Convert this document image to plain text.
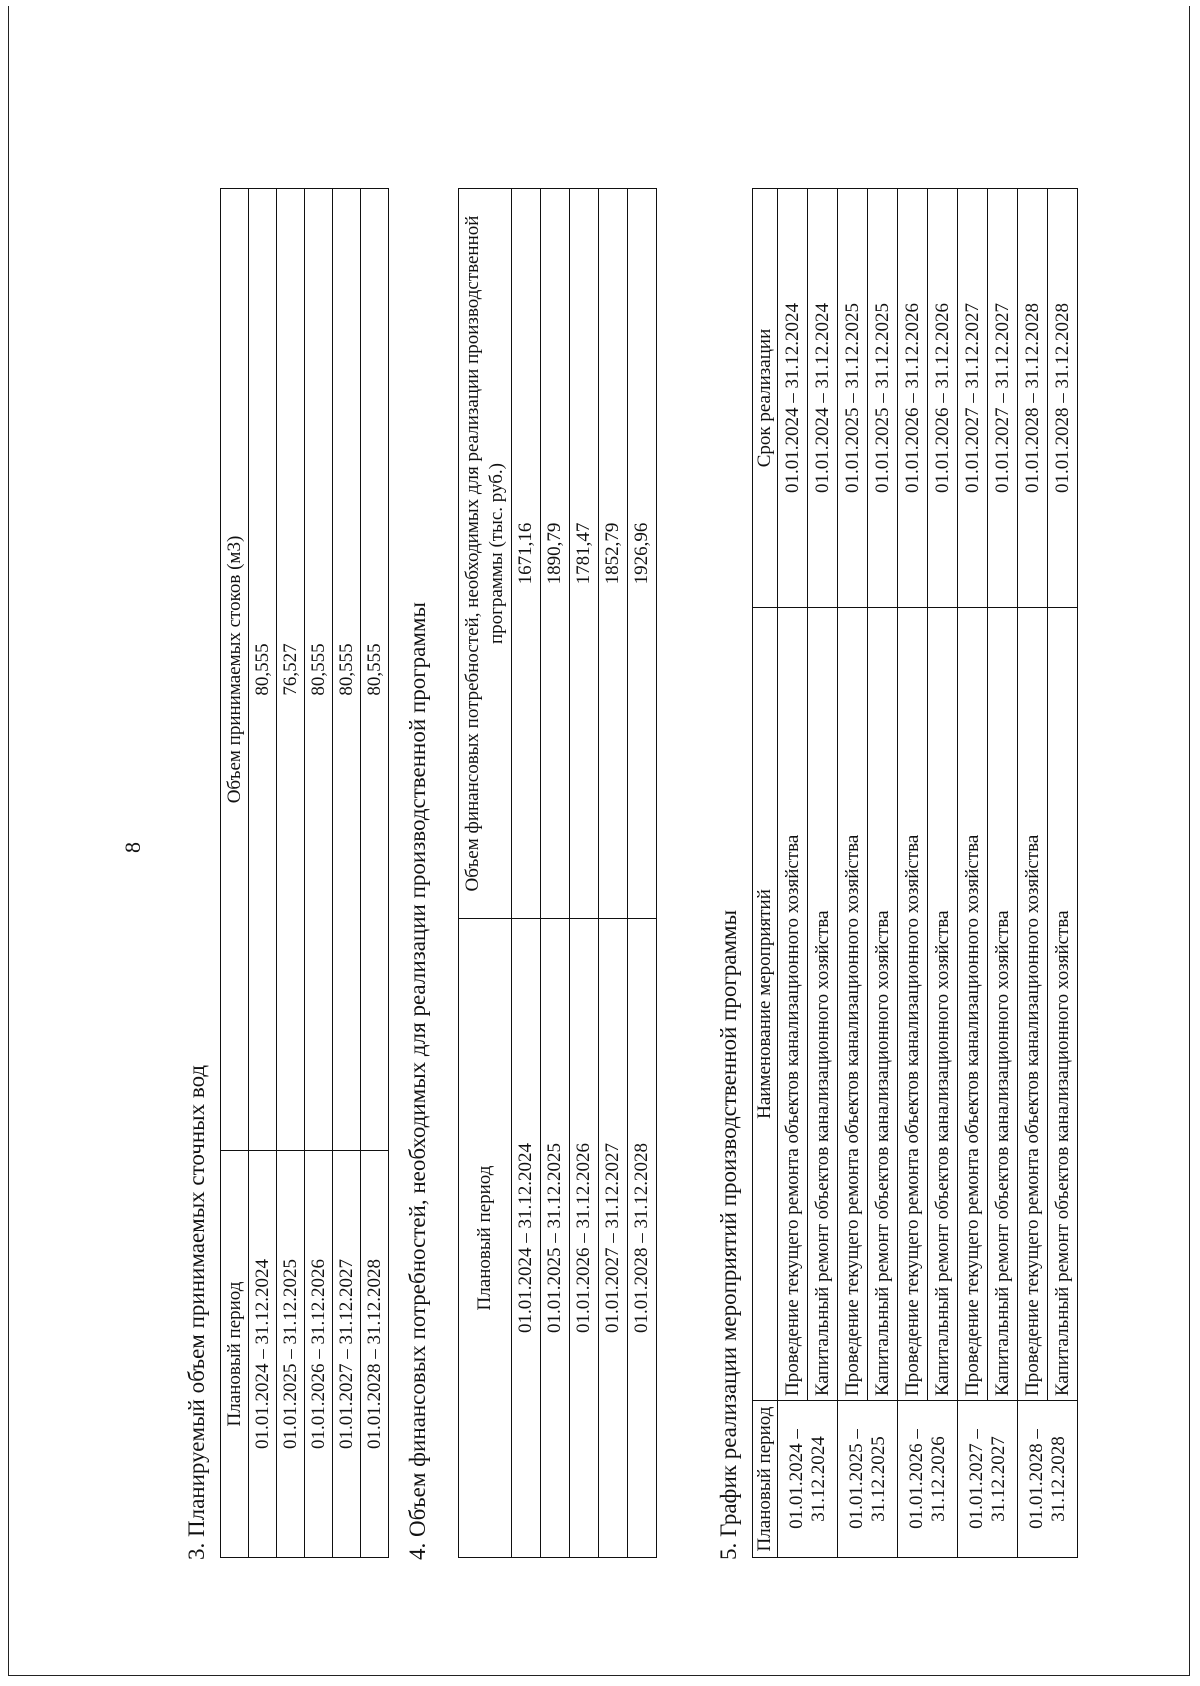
8
3. Планируемый объем принимаемых сточных вод Плановый период	Объем принимаемых стоков (м3)
01.01.2024 – 31.12.2024	80,555
01.01.2025 – 31.12.2025	76,527
01.01.2026 – 31.12.2026	80,555
01.01.2027 – 31.12.2027	80,555
01.01.2028 – 31.12.2028	80,555 4. Объем финансовых потребностей, необходимых для реализации производственной программы Плановый период	Объем финансовых потребностей, необходимых для реализации производственной программы (тыс. руб.)
01.01.2024 – 31.12.2024	1671,16
01.01.2025 – 31.12.2025	1890,79
01.01.2026 – 31.12.2026	1781,47
01.01.2027 – 31.12.2027	1852,79
01.01.2028 – 31.12.2028	1926,96
5. График реализации мероприятий производственной программы Плановый период	Наименование мероприятий	Срок реализации
01.01.2024 – 31.12.2024	Проведение текущего ремонта объектов канализационного хозяйства	01.01.2024 – 31.12.2024
	Капитальный ремонт объектов канализационного хозяйства	01.01.2024 – 31.12.2024
01.01.2025 – 31.12.2025	Проведение текущего ремонта объектов канализационного хозяйства	01.01.2025 – 31.12.2025
	Капитальный ремонт объектов канализационного хозяйства	01.01.2025 – 31.12.2025
01.01.2026 – 31.12.2026	Проведение текущего ремонта объектов канализационного хозяйства	01.01.2026 – 31.12.2026
	Капитальный ремонт объектов канализационного хозяйства	01.01.2026 – 31.12.2026
01.01.2027 – 31.12.2027	Проведение текущего ремонта объектов канализационного хозяйства	01.01.2027 – 31.12.2027
	Капитальный ремонт объектов канализационного хозяйства	01.01.2027 – 31.12.2027
01.01.2028 – 31.12.2028	Проведение текущего ремонта объектов канализационного хозяйства	01.01.2028 – 31.12.2028
	Капитальный ремонт объектов канализационного хозяйства	01.01.2028 – 31.12.2028
